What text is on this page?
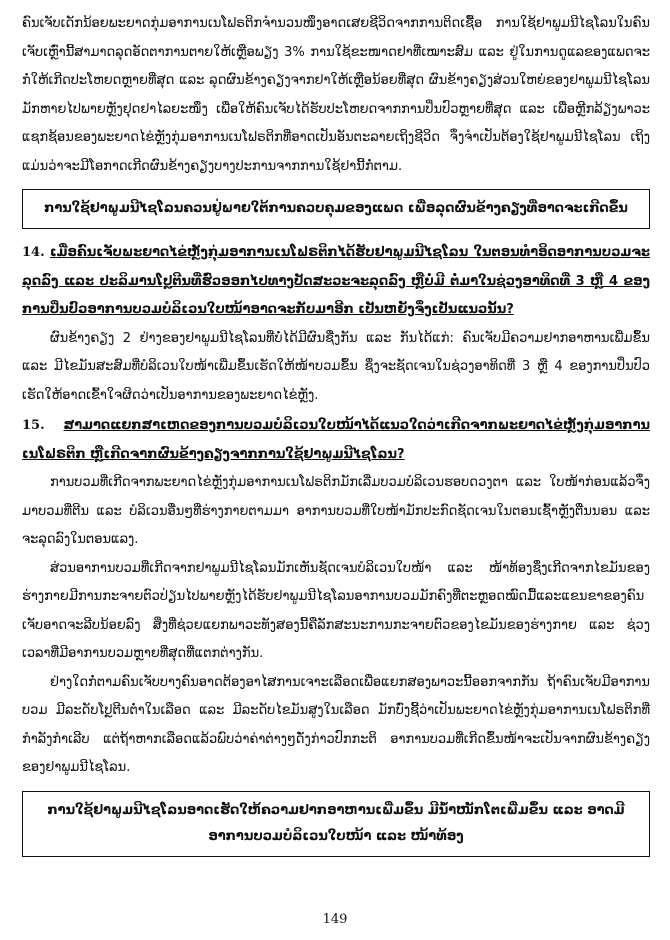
ຄົນເຈັບເດັກນ້ອຍພະຍາດກຸ່ມອາການເນໂຟຣຕິກຈຳນວນໜຶ່ງອາດເສຍຊີວິດຈາກການຕິດເຊື້ອ ການໃຊ້ຢາພູມນີໄຊໂລນໃນຄົນເຈັບເຫຼົ່ານີ້ສາມາດລຸດອັດຕາການຕາຍໃຫ້ເຫຼືອພຽງ 3% ການໃຊ້ຂະໜາດຢາທີ່ເໝາະສົມ ແລະ ຢູ່ໃນການດູແລຂອງແພດຈະກໍ່ໃຫ້ເກີດປະໂຫຍດຫຼາຍທີ່ສຸດ ແລະ ລຸດຜົນຂ້າງຄຽງຈາກຢາໃຫ້ເຫຼືອນ້ອຍທີ່ສຸດ ຜົນຂ້າງຄຽງສ່ວນໃຫຍ່ຂອງຢາພູມນີໄຊໂລນມັກຫາຍໄປພາຍຫຼັງຢຸດຢາໄລຍະໜຶ່ງ ເພື່ອໃຫ້ຄົນເຈັບໄດ້ຮັບປະໂຫຍດຈາກການປິ່ນປົວຫຼາຍທີ່ສຸດ ແລະ ເພື່ອຫຼີກລ້ຽງພາວະແຊກຊ້ອນຂອງພະຍາດໄຂ່ຫຼັງກຸ່ມອາການເນໂຟຣຕິກທີ່ອາດເປັນອັນຕະລາຍເຖິງຊີວິດ ຈຶ່ງຈຳເປັນຕ້ອງໃຊ້ຢາພູມນີໄຊໂລນ ເຖິງແມ່ນວ່າຈະມີໂອກາດເກີດຜົນຂ້າງຄຽງບາງປະການຈາກການໃຊ້ຢານີ້ກໍ່ຕາມ.

ການໃຊ້ຢາພູມນີໄຊໂລນຄວນຢູ່ພາຍໃຕ້ການຄວບຄຸມຂອງແພດ ເພື່ອລຸດຜົນຂ້າງຄຽງທີ່ອາດຈະເກີດຂຶ້ນ
14. ເມື່ອຄົນເຈັບພະຍາດໄຂ່ຫຼັງກຸ່ມອາການເນໂຟຣຕິກໄດ້ຮັບຢາພູມນີໄຊໂລນ ໃນຕອນທຳອິດອາການບວມຈະລຸດລົງ ແລະ ປະລິມານໂປຼຕີນທີ່ຮົ່ວອອກໄປທາງປັດສະວະຈະລຸດລົງ ຫຼືບໍ່ມີ ຕໍ່ມາໃນຊ່ວງອາທິດທີ່ 3 ຫຼື 4 ຂອງການປິ່ນປົວອາການບວມບໍລິເວນໃບໜ້າອາດຈະກັບມາອີກ ເປັນຫຍັງຈຶ່ງເປັນແນວນັ້ນ?

ຜົນຂ້າງຄຽງ 2 ຢ່າງຂອງຢາພູມນີໄຊໂລນທີ່ບໍ່ໄດ້ມີຜົນຊື່ງກັນ ແລະ ກັນໄດ້ແກ່: ຄົນເຈັບມີຄວາມຢາກອາຫານເພີ່ມຂຶ້ນ ແລະ ມີໄຂມັນສະສົມທີ່ບໍລິເວນໃບໜ້າເພີ່ມຂຶ້ນເຮັດໃຫ້ໜ້າບວມຂຶ້ນ ຊຶ່ງຈະຊັດເຈນໃນຊ່ວງອາທິດທີ່ 3 ຫຼື 4 ຂອງການປິ່ນປົວ ເຮັດໃຫ້ອາດເຂົ້າໃຈຜິດວ່າເປັນອາການຂອງພະຍາດໄຂ່ຫຼັງ.

15. ສາມາດແຍກສາເຫດຂອງການບວມບໍລິເວນໃບໜ້າໄດ້ແນວໃດວ່າເກີດຈາກພະຍາດໄຂ່ຫຼັງກຸ່ມອາການເນໂຟຣຕິກ ຫຼືເກີດຈາກຜົນຂ້າງຄຽງຈາກການໃຊ້ຢາພູມນີໄຊໂລນ?

ການບວມທີ່ເກີດຈາກພະຍາດໄຂ່ຫຼັງກຸ່ມອາການເນໂຟຣຕິກມັກເລີ່ມບວມບໍລິເວນຮອບດວງຕາ ແລະ ໃບໜ້າກ່ອນແລ້ວຈຶ່ງມາບວມທີ່ຕີນ ແລະ ບໍລິເວນອື່ນໆທີ່ຮ່າງກາຍຕາມມາ ອາການບວມທີ່ໃບໜ້າມັກປະກົດຊັດເຈນໃນຕອນເຊົ້າຫຼັງຕື່ນນອນ ແລະ ຈະລຸດລົງໃນຕອນແລງ.

ສ່ວນອາການບວມທີ່ເກີດຈາກຢາພູມນີໄຊໂລນມັກເຫັນຊັດເຈນບໍລິເວນໃບໜ້າ ແລະ ໜ້າທ້ອງຊຶ່ງເກີດຈາກໄຂມັນຂອງຮ່າງກາຍມີການກະຈາຍຕົວປ່ຽນໄປພາຍຫຼັງໄດ້ຮັບຢາພູມນີໄຊໂລນອາການບວມມັກຄົງທີ່ຕະຫຼອດໝົດມື້ແລະແຂນຂາຂອງຄົນເຈັບອາດຈະລີບນ້ອຍລົງ ສິ່ງທີ່ຊ່ວຍແຍກພາວະທັງສອງນີ້ຄືລັກສະນະການກະຈາຍຕົວຂອງໄຂມັນຂອງຮ່າງກາຍ ແລະ ຊ່ວງເວລາທີ່ມີອາການບວມຫຼາຍທີ່ສຸດທີ່ແຕກຕ່າງກັນ.

ຢ່າງໃດກໍ່ຕາມຄົນເຈັບບາງຄົນອາດຕ້ອງອາໄສການເຈາະເລືອດເພື່ອແຍກສອງພາວະນີ້ອອກຈາກກັນ ຖ້າຄົນເຈັບມີອາການບວມ ມີລະດັບໂປຼຕີນຕໍ່າໃນເລືອດ ແລະ ມີລະດັບໄຂມັນສູງໃນເລືອດ ມັກບົ່ງຊີ້ວ່າເປັນພະຍາດໄຂ່ຫຼັງກຸ່ມອາການເນໂຟຣຕິກທີ່ກຳລັງກຳເລີບ ແຕ່ຖ້າຫາກເລືອດແລ້ວພົບວ່າຄ່າຕ່າງໆດັ່ງກ່າວປົກກະຕິ ອາການບວມທີ່ເກີດຂຶ້ນໜ້າຈະເປັນຈາກຜົນຂ້າງຄຽງຂອງຢາພູມນີໄຊໂລນ.

ການໃຊ້ຢາພູມນີໄຊໂລນອາດເຮັດໃຫ້ຄວາມຢາກອາຫານເພີ່ມຂຶ້ນ ມີນ້ຳໜັກໂຕເພີ່ມຂຶ້ນ ແລະ ອາດມີອາການບວມບໍລິເວນໃບໜ້າ ແລະ ໜ້າທ້ອງ
149
